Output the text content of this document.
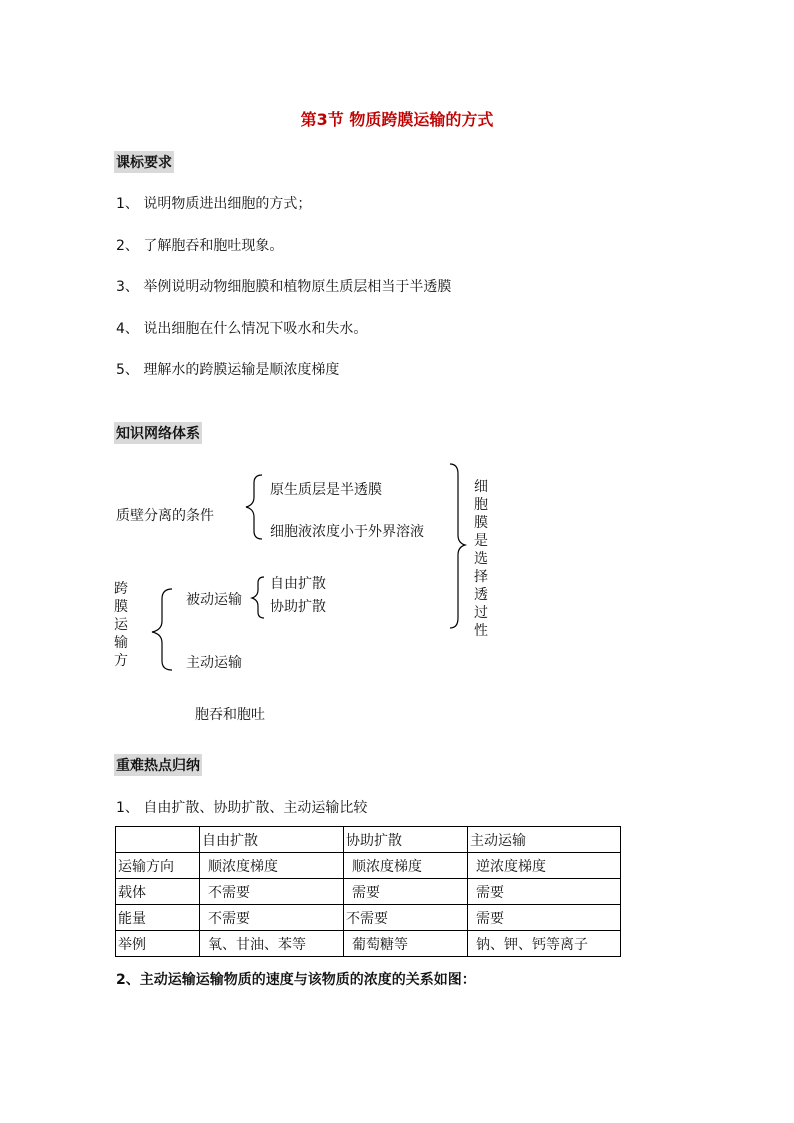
第3节 物质跨膜运输的方式
课标要求
1、 说明物质进出细胞的方式；
2、 了解胞吞和胞吐现象。
3、 举例说明动物细胞膜和植物原生质层相当于半透膜
4、 说出细胞在什么情况下吸水和失水。
5、 理解水的跨膜运输是顺浓度梯度
知识网络体系
质壁分离的条件
原生质层是半透膜
细胞液浓度小于外界溶液
跨膜运输方
被动运输
自由扩散
协助扩散
主动运输
胞吞和胞吐
细胞膜是选择透过性
重难热点归纳
1、 自由扩散、协助扩散、主动运输比较
	自由扩散	协助扩散	主动运输
运输方向	顺浓度梯度	顺浓度梯度	逆浓度梯度
载体	不需要	需要	需要
能量	不需要	不需要	需要
举例	氧、甘油、苯等	葡萄糖等	钠、钾、钙等离子
2、主动运输运输物质的速度与该物质的浓度的关系如图：
